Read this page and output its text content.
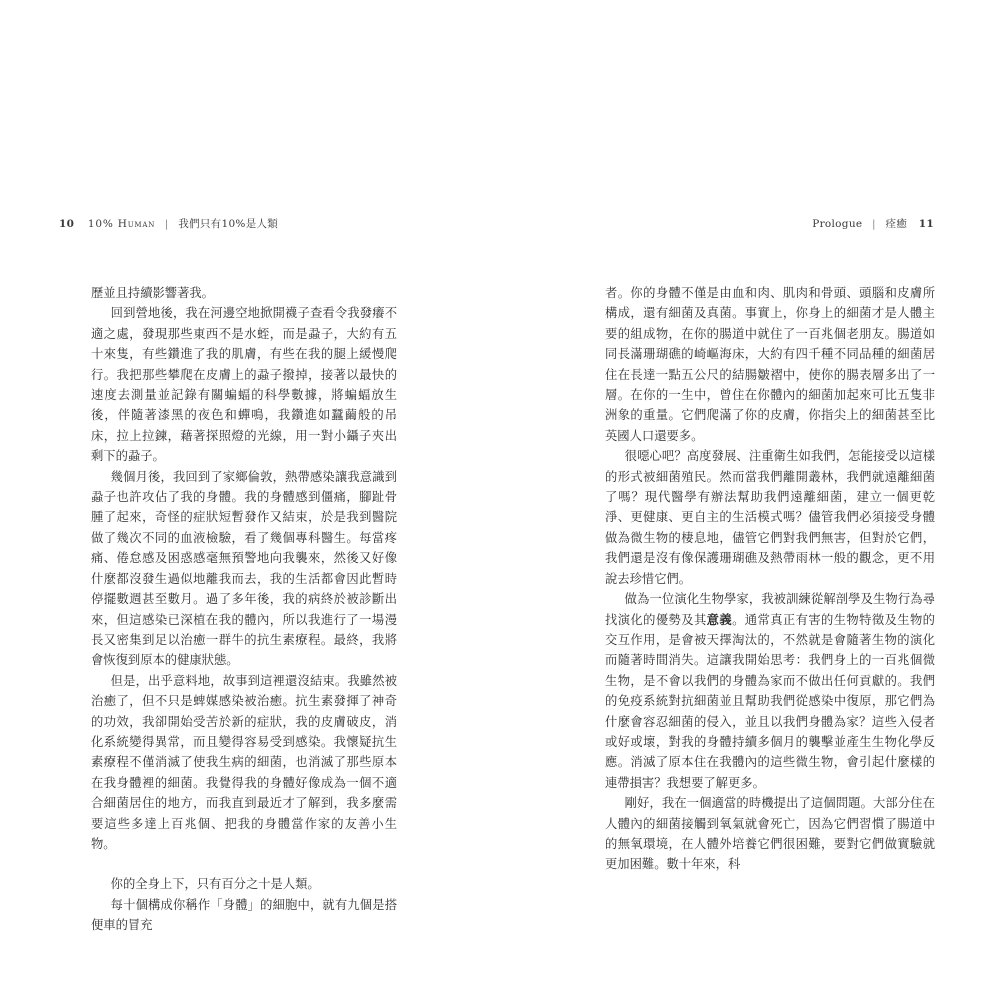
10 10% Human | 我們只有10%是人類	Prologue | 痊癒 11

歷並且持續影響著我。

回到營地後，我在河邊空地掀開襪子查看令我發癢不適之處，發現那些東西不是水蛭，而是蝨子，大約有五十來隻，有些鑽進了我的肌膚，有些在我的腿上緩慢爬行。我把那些攀爬在皮膚上的蝨子撥掉，接著以最快的速度去測量並記錄有關蝙蝠的科學數據，將蝙蝠放生後，伴隨著漆黑的夜色和蟬鳴，我鑽進如蠶繭般的吊床，拉上拉鍊，藉著探照燈的光線，用一對小鑷子夾出剩下的蝨子。

幾個月後，我回到了家鄉倫敦，熱帶感染讓我意識到蝨子也許攻佔了我的身體。我的身體感到僵痛，腳趾骨腫了起來，奇怪的症狀短暫發作又結束，於是我到醫院做了幾次不同的血液檢驗，看了幾個專科醫生。每當疼痛、倦怠感及困惑感毫無預警地向我襲來，然後又好像什麼都沒發生過似地離我而去，我的生活都會因此暫時停擺數週甚至數月。過了多年後，我的病終於被診斷出來，但這感染已深植在我的體內，所以我進行了一場漫長又密集到足以治癒一群牛的抗生素療程。最終，我將會恢復到原本的健康狀態。

但是，出乎意料地，故事到這裡還沒結束。我雖然被治癒了，但不只是蜱媒感染被治癒。抗生素發揮了神奇的功效，我卻開始受苦於新的症狀，我的皮膚破皮，消化系統變得異常，而且變得容易受到感染。我懷疑抗生素療程不僅消滅了使我生病的細菌，也消滅了那些原本在我身體裡的細菌。我覺得我的身體好像成為一個不適合細菌居住的地方，而我直到最近才了解到，我多麼需要這些多達上百兆個、把我的身體當作家的友善小生物。

你的全身上下，只有百分之十是人類。

每十個構成你稱作「身體」的細胞中，就有九個是搭便車的冒充

者。你的身體不僅是由血和肉、肌肉和骨頭、頭腦和皮膚所構成，還有細菌及真菌。事實上，你身上的細菌才是人體主要的組成物，在你的腸道中就住了一百兆個老朋友。腸道如同長滿珊瑚礁的崎嶇海床，大約有四千種不同品種的細菌居住在長達一點五公尺的結腸皺褶中，使你的腸表層多出了一層。在你的一生中，曾住在你體內的細菌加起來可比五隻非洲象的重量。它們爬滿了你的皮膚，你指尖上的細菌甚至比英國人口還要多。

很噁心吧？高度發展、注重衛生如我們，怎能接受以這樣的形式被細菌殖民。然而當我們離開叢林，我們就遠離細菌了嗎？現代醫學有辦法幫助我們遠離細菌，建立一個更乾淨、更健康、更自主的生活模式嗎？儘管我們必須接受身體做為微生物的棲息地，儘管它們對我們無害，但對於它們，我們還是沒有像保護珊瑚礁及熱帶雨林一般的觀念，更不用說去珍惜它們。

做為一位演化生物學家，我被訓練從解剖學及生物行為尋找演化的優勢及其意義。通常真正有害的生物特徵及生物的交互作用，是會被天擇淘汰的，不然就是會隨著生物的演化而隨著時間消失。這讓我開始思考：我們身上的一百兆個微生物，是不會以我們的身體為家而不做出任何貢獻的。我們的免疫系統對抗細菌並且幫助我們從感染中復原，那它們為什麼會容忍細菌的侵入，並且以我們身體為家？這些入侵者或好或壞，對我的身體持續多個月的襲擊並產生生物化學反應。消滅了原本住在我體內的這些微生物，會引起什麼樣的連帶損害？我想要了解更多。

剛好，我在一個適當的時機提出了這個問題。大部分住在人體內的細菌接觸到氧氣就會死亡，因為它們習慣了腸道中的無氧環境，在人體外培養它們很困難，要對它們做實驗就更加困難。數十年來，科
